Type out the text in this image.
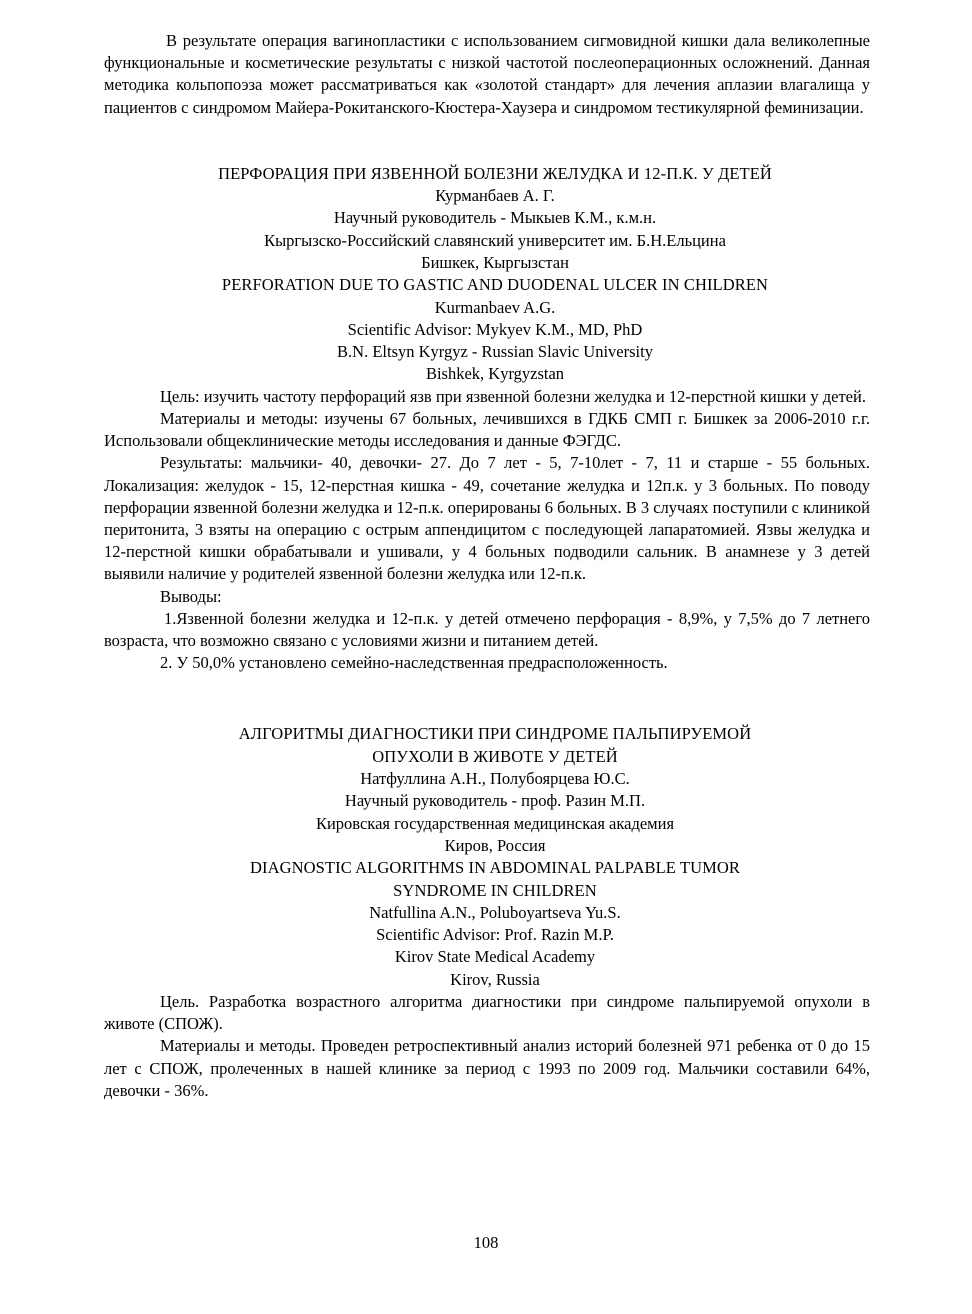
В результате операция вагинопластики с использованием сигмовидной кишки дала великолепные функциональные и косметические результаты с низкой частотой послеоперационных осложнений. Данная методика кольпопоэза может рассматриваться как «золотой стандарт» для лечения аплазии влагалища у пациентов с синдромом Майера-Рокитанского-Кюстера-Хаузера и синдромом тестикулярной феминизации.

ПЕРФОРАЦИЯ ПРИ ЯЗВЕННОЙ БОЛЕЗНИ ЖЕЛУДКА И 12-П.К. У ДЕТЕЙ

Курманбаев А. Г.

Научный руководитель - Мыкыев К.М., к.м.н.

Кыргызско-Российский славянский университет им. Б.Н.Ельцина

Бишкек, Кыргызстан

PERFORATION DUE TO GASTIC AND DUODENAL ULCER IN CHILDREN

Kurmanbaev A.G.

Scientific Advisor: Mykyev K.M., MD, PhD

B.N. Eltsyn Kyrgyz - Russian Slavic University

Bishkek, Kyrgyzstan

Цель: изучить частоту перфораций язв при язвенной болезни желудка и 12-перстной кишки у детей.

Материалы и методы: изучены 67 больных, лечившихся в ГДКБ СМП г. Бишкек за 2006-2010 г.г. Использовали общеклинические методы исследования и данные ФЭГДС.

Результаты: мальчики- 40, девочки- 27. До 7 лет - 5, 7-10лет - 7, 11 и старше - 55 больных. Локализация: желудок - 15, 12-перстная кишка - 49, сочетание желудка и 12п.к. у 3 больных. По поводу перфорации язвенной болезни желудка и 12-п.к. оперированы 6 больных. В 3 случаях поступили с клиникой перитонита, 3 взяты на операцию с острым аппендицитом с последующей лапаратомией. Язвы желудка и 12-перстной кишки обрабатывали и ушивали, у 4 больных подводили сальник. В анамнезе у 3 детей выявили наличие у родителей язвенной болезни желудка или 12-п.к.

Выводы:

1.Язвенной болезни желудка и 12-п.к. у детей отмечено перфорация - 8,9%, у 7,5% до 7 летнего возраста, что возможно связано с условиями жизни и питанием детей.

2. У 50,0% установлено семейно-наследственная предрасположенность.

АЛГОРИТМЫ ДИАГНОСТИКИ ПРИ СИНДРОМЕ ПАЛЬПИРУЕМОЙ

ОПУХОЛИ В ЖИВОТЕ У ДЕТЕЙ

Натфуллина А.Н., Полубоярцева Ю.С.

Научный руководитель - проф. Разин М.П.

Кировская государственная медицинская академия

Киров, Россия

DIAGNOSTIC ALGORITHMS IN ABDOMINAL PALPABLE TUMOR

SYNDROME IN CHILDREN

Natfullina A.N., Poluboyartseva Yu.S.

Scientific Advisor: Prof. Razin M.P.

Kirov State Medical Academy

Kirov, Russia

Цель. Разработка возрастного алгоритма диагностики при синдроме пальпируемой опухоли в животе (СПОЖ).

Материалы и методы. Проведен ретроспективный анализ историй болезней 971 ребенка от 0 до 15 лет с СПОЖ, пролеченных в нашей клинике за период с 1993 по 2009 год. Мальчики составили 64%, девочки - 36%.

108
